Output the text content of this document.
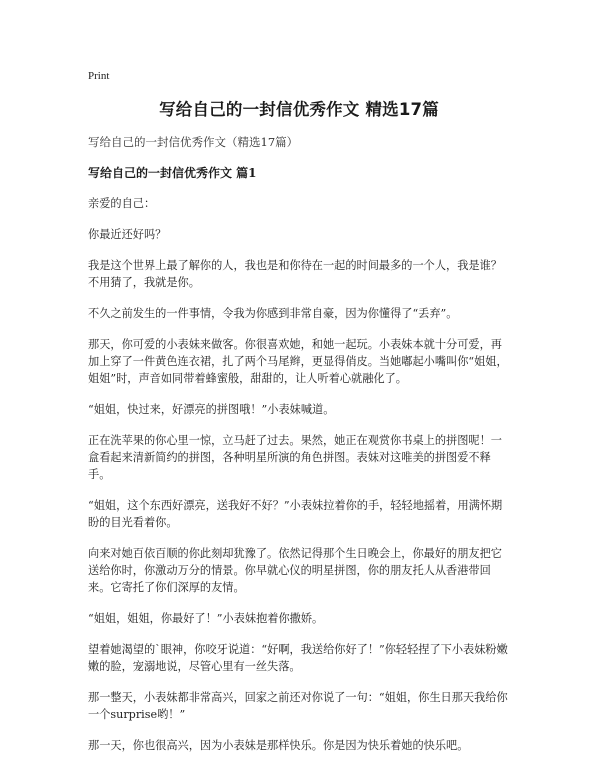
Print
写给自己的一封信优秀作文 精选17篇
写给自己的一封信优秀作文（精选17篇）
写给自己的一封信优秀作文 篇1

亲爱的自己：

你最近还好吗？

我是这个世界上最了解你的人，我也是和你待在一起的时间最多的一个人，我是谁？不用猜了，我就是你。

不久之前发生的一件事情，令我为你感到非常自豪，因为你懂得了“丢弃”。

那天，你可爱的小表妹来做客。你很喜欢她，和她一起玩。小表妹本就十分可爱，再加上穿了一件黄色连衣裙，扎了两个马尾辫，更显得俏皮。当她嘟起小嘴叫你“姐姐，姐姐”时，声音如同带着蜂蜜般，甜甜的，让人听着心就融化了。

“姐姐，快过来，好漂亮的拼图哦！”小表妹喊道。

正在洗苹果的你心里一惊，立马赶了过去。果然，她正在观赏你书桌上的拼图呢！一盒看起来清新简约的拼图，各种明星所演的角色拼图。表妹对这唯美的拼图爱不释手。

“姐姐，这个东西好漂亮，送我好不好？”小表妹拉着你的手，轻轻地摇着，用满怀期盼的目光看着你。

向来对她百依百顺的你此刻却犹豫了。依然记得那个生日晚会上，你最好的朋友把它送给你时，你激动万分的情景。你早就心仪的明星拼图，你的朋友托人从香港带回来。它寄托了你们深厚的友情。

“姐姐，姐姐，你最好了！”小表妹抱着你撒娇。

望着她渴望的`眼神，你咬牙说道：“好啊，我送给你好了！”你轻轻捏了下小表妹粉嫩嫩的脸，宠溺地说，尽管心里有一丝失落。

那一整天，小表妹都非常高兴，回家之前还对你说了一句：“姐姐，你生日那天我给你一个surprise哟！”

那一天，你也很高兴，因为小表妹是那样快乐。你是因为快乐着她的快乐吧。
